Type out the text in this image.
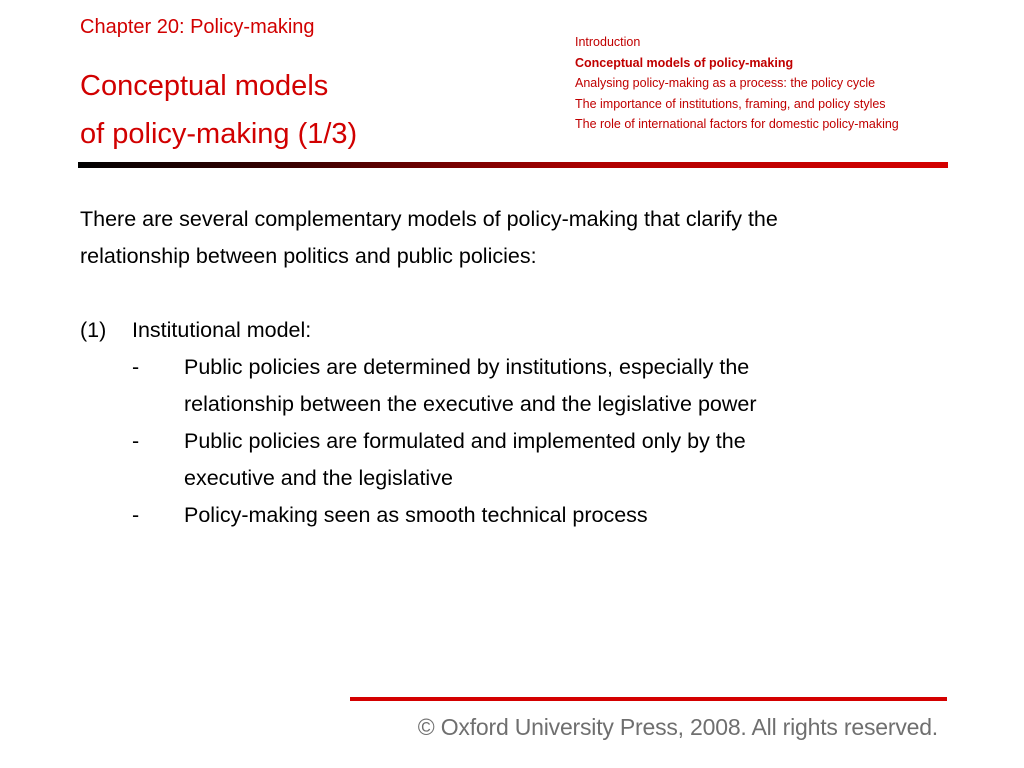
Chapter 20: Policy-making
Conceptual models
of policy-making (1/3)
Introduction
Conceptual models of policy-making
Analysing policy-making as a process: the policy cycle
The importance of institutions, framing, and policy styles
The role of international factors for domestic policy-making
There are several complementary models of policy-making that clarify the
relationship between politics and public policies:
(1)	Institutional model:
-	Public policies are determined by institutions, especially the
relationship between the executive and the legislative power
-	Public policies are formulated and implemented only by the
executive and the legislative
-	Policy-making seen as smooth technical process
© Oxford University Press, 2008. All rights reserved.
